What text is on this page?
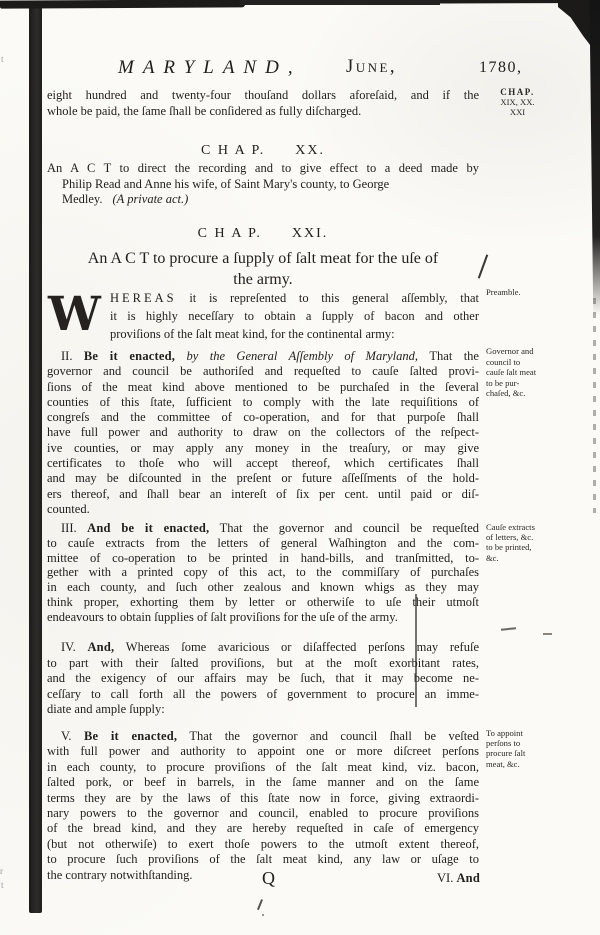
t
r
t
MARYLAND, June,	1780,
CHAP.
XIX, XX.
XXI
Preamble.
Governor and
council to
cauſe ſalt meat
to be pur-
chaſed, &c.
Cauſe extracts
of letters, &c.
to be printed,
&c.
To appoint
perſons to
procure ſalt
meat, &c.
eight hundred and twenty-four thouſand dollars aforeſaid, and if the
whole be paid, the ſame ſhall be conſidered as fully diſcharged.
C H A P. XX.
An A C T to direct the recording and to give effect to a deed made by
Philip Read and Anne his wife, of Saint Mary's county, to George
Medley. (A private act.)
C H A P. XXI.
An A C T to procure a ſupply of ſalt meat for the uſe of
the army.
W HEREAS it is repreſented to this general aſſembly, that
it is highly neceſſary to obtain a ſupply of bacon and other
proviſions of the ſalt meat kind, for the continental army:
II. Be it enacted, by the General Aſſembly of Maryland, That the
governor and council be authoriſed and requeſted to cauſe ſalted provi-
ſions of the meat kind above mentioned to be purchaſed in the ſeveral
counties of this ſtate, ſufficient to comply with the late requiſitions of
congreſs and the committee of co-operation, and for that purpoſe ſhall
have full power and authority to draw on the collectors of the reſpect-
ive counties, or may apply any money in the treaſury, or may give
certificates to thoſe who will accept thereof, which certificates ſhall
and may be diſcounted in the preſent or future aſſeſſments of the hold-
ers thereof, and ſhall bear an intereſt of ſix per cent. until paid or diſ-
counted.
III. And be it enacted, That the governor and council be requeſted
to cauſe extracts from the letters of general Waſhington and the com-
mittee of co-operation to be printed in hand-bills, and tranſmitted, to-
gether with a printed copy of this act, to the commiſſary of purchaſes
in each county, and ſuch other zealous and known whigs as they may
think proper, exhorting them by letter or otherwiſe to uſe their utmoſt
endeavours to obtain ſupplies of ſalt proviſions for the uſe of the army.
IV. And, Whereas ſome avaricious or diſaffected perſons may refuſe
to part with their ſalted proviſions, but at the moſt exorbitant rates,
and the exigency of our affairs may be ſuch, that it may become ne-
ceſſary to call forth all the powers of government to procure an imme-
diate and ample ſupply:
V. Be it enacted, That the governor and council ſhall be veſted
with full power and authority to appoint one or more diſcreet perſons
in each county, to procure proviſions of the ſalt meat kind, viz. bacon,
ſalted pork, or beef in barrels, in the ſame manner and on the ſame
terms they are by the laws of this ſtate now in force, giving extraordi-
nary powers to the governor and council, enabled to procure proviſions
of the bread kind, and they are hereby requeſted in caſe of emergency
(but not otherwiſe) to exert thoſe powers to the utmoſt extent thereof,
to procure ſuch proviſions of the ſalt meat kind, any law or uſage to
the contrary notwithſtanding.	Q	VI. And
